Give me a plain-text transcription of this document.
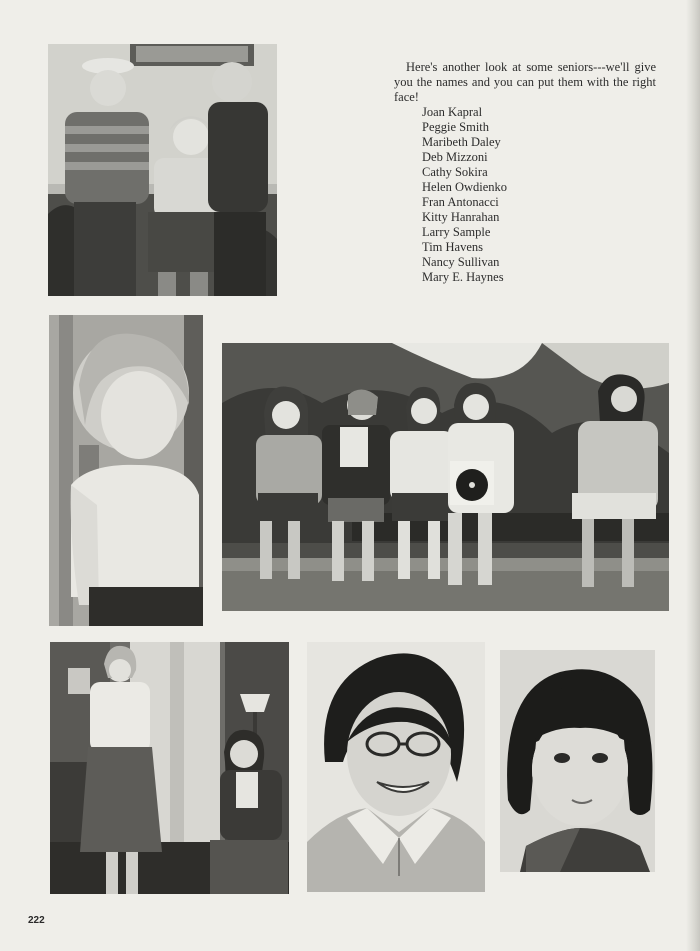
Here's another look at some seniors---we'll give you the names and you can put them with the right face!

Joan Kapral
Peggie Smith
Maribeth Daley
Deb Mizzoni
Cathy Sokira
Helen Owdienko
Fran Antonacci
Kitty Hanrahan
Larry Sample
Tim Havens
Nancy Sullivan
Mary E. Haynes
222
